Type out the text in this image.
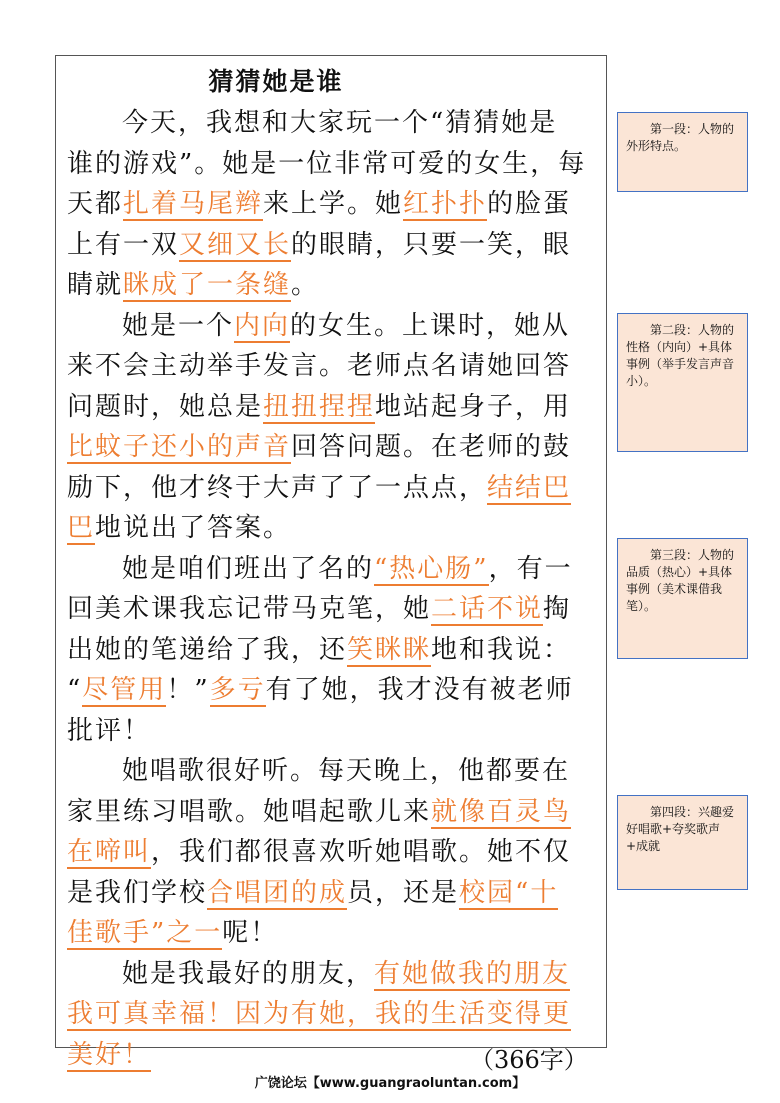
猜猜她是谁
今天，我想和大家玩一个“猜猜她是
谁的游戏”。她是一位非常可爱的女生，每
天都扎着马尾辫来上学。她红扑扑的脸蛋
上有一双又细又长的眼睛，只要一笑，眼
睛就眯成了一条缝。
她是一个内向的女生。上课时，她从
来不会主动举手发言。老师点名请她回答
问题时，她总是扭扭捏捏地站起身子，用
比蚊子还小的声音回答问题。在老师的鼓
励下，他才终于大声了了一点点，结结巴
巴地说出了答案。
她是咱们班出了名的“热心肠”，有一
回美术课我忘记带马克笔，她二话不说掏
出她的笔递给了我，还笑眯眯地和我说：
“尽管用！”多亏有了她，我才没有被老师
批评！
她唱歌很好听。每天晚上，他都要在
家里练习唱歌。她唱起歌儿来就像百灵鸟
在啼叫，我们都很喜欢听她唱歌。她不仅
是我们学校合唱团的成员，还是校园“十
佳歌手”之一呢！
她是我最好的朋友，有她做我的朋友
我可真幸福！因为有她，我的生活变得更
美好！	（366字）
第一段：人物的外形特点。
第二段：人物的性格（内向）+具体事例（举手发言声音小）。
第三段：人物的品质（热心）+具体事例（美术课借我笔）。
第四段：兴趣爱好唱歌+夸奖歌声+成就
广饶论坛【www.guangraoluntan.com】
